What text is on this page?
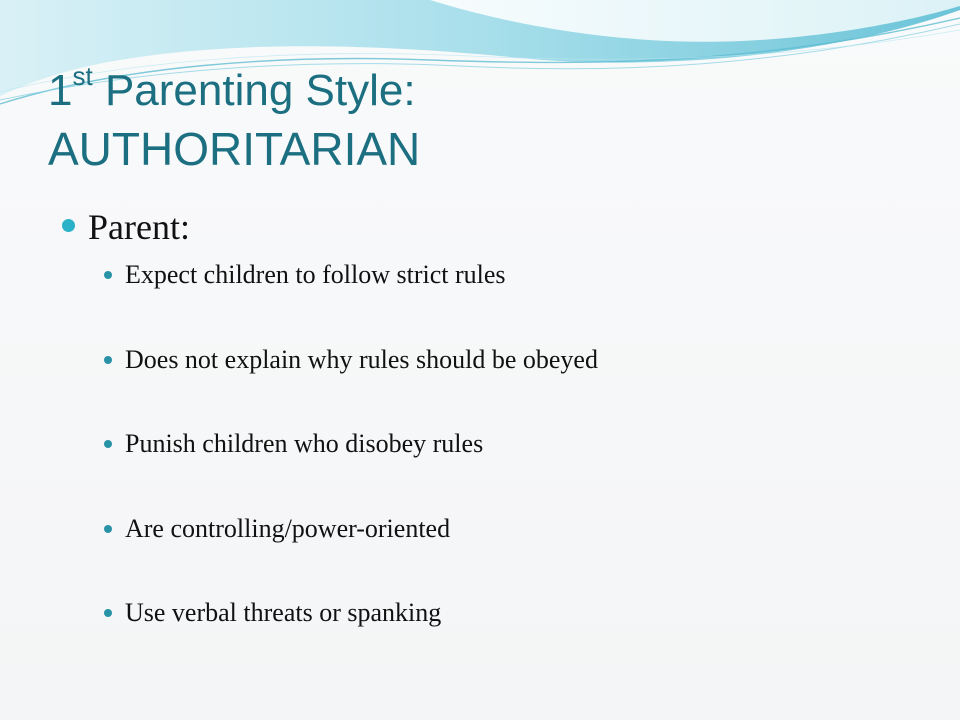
1st Parenting Style:
AUTHORITARIAN
Parent:
Expect children to follow strict rules
Does not explain why rules should be obeyed
Punish children who disobey rules
Are controlling/power-oriented
Use verbal threats or spanking
